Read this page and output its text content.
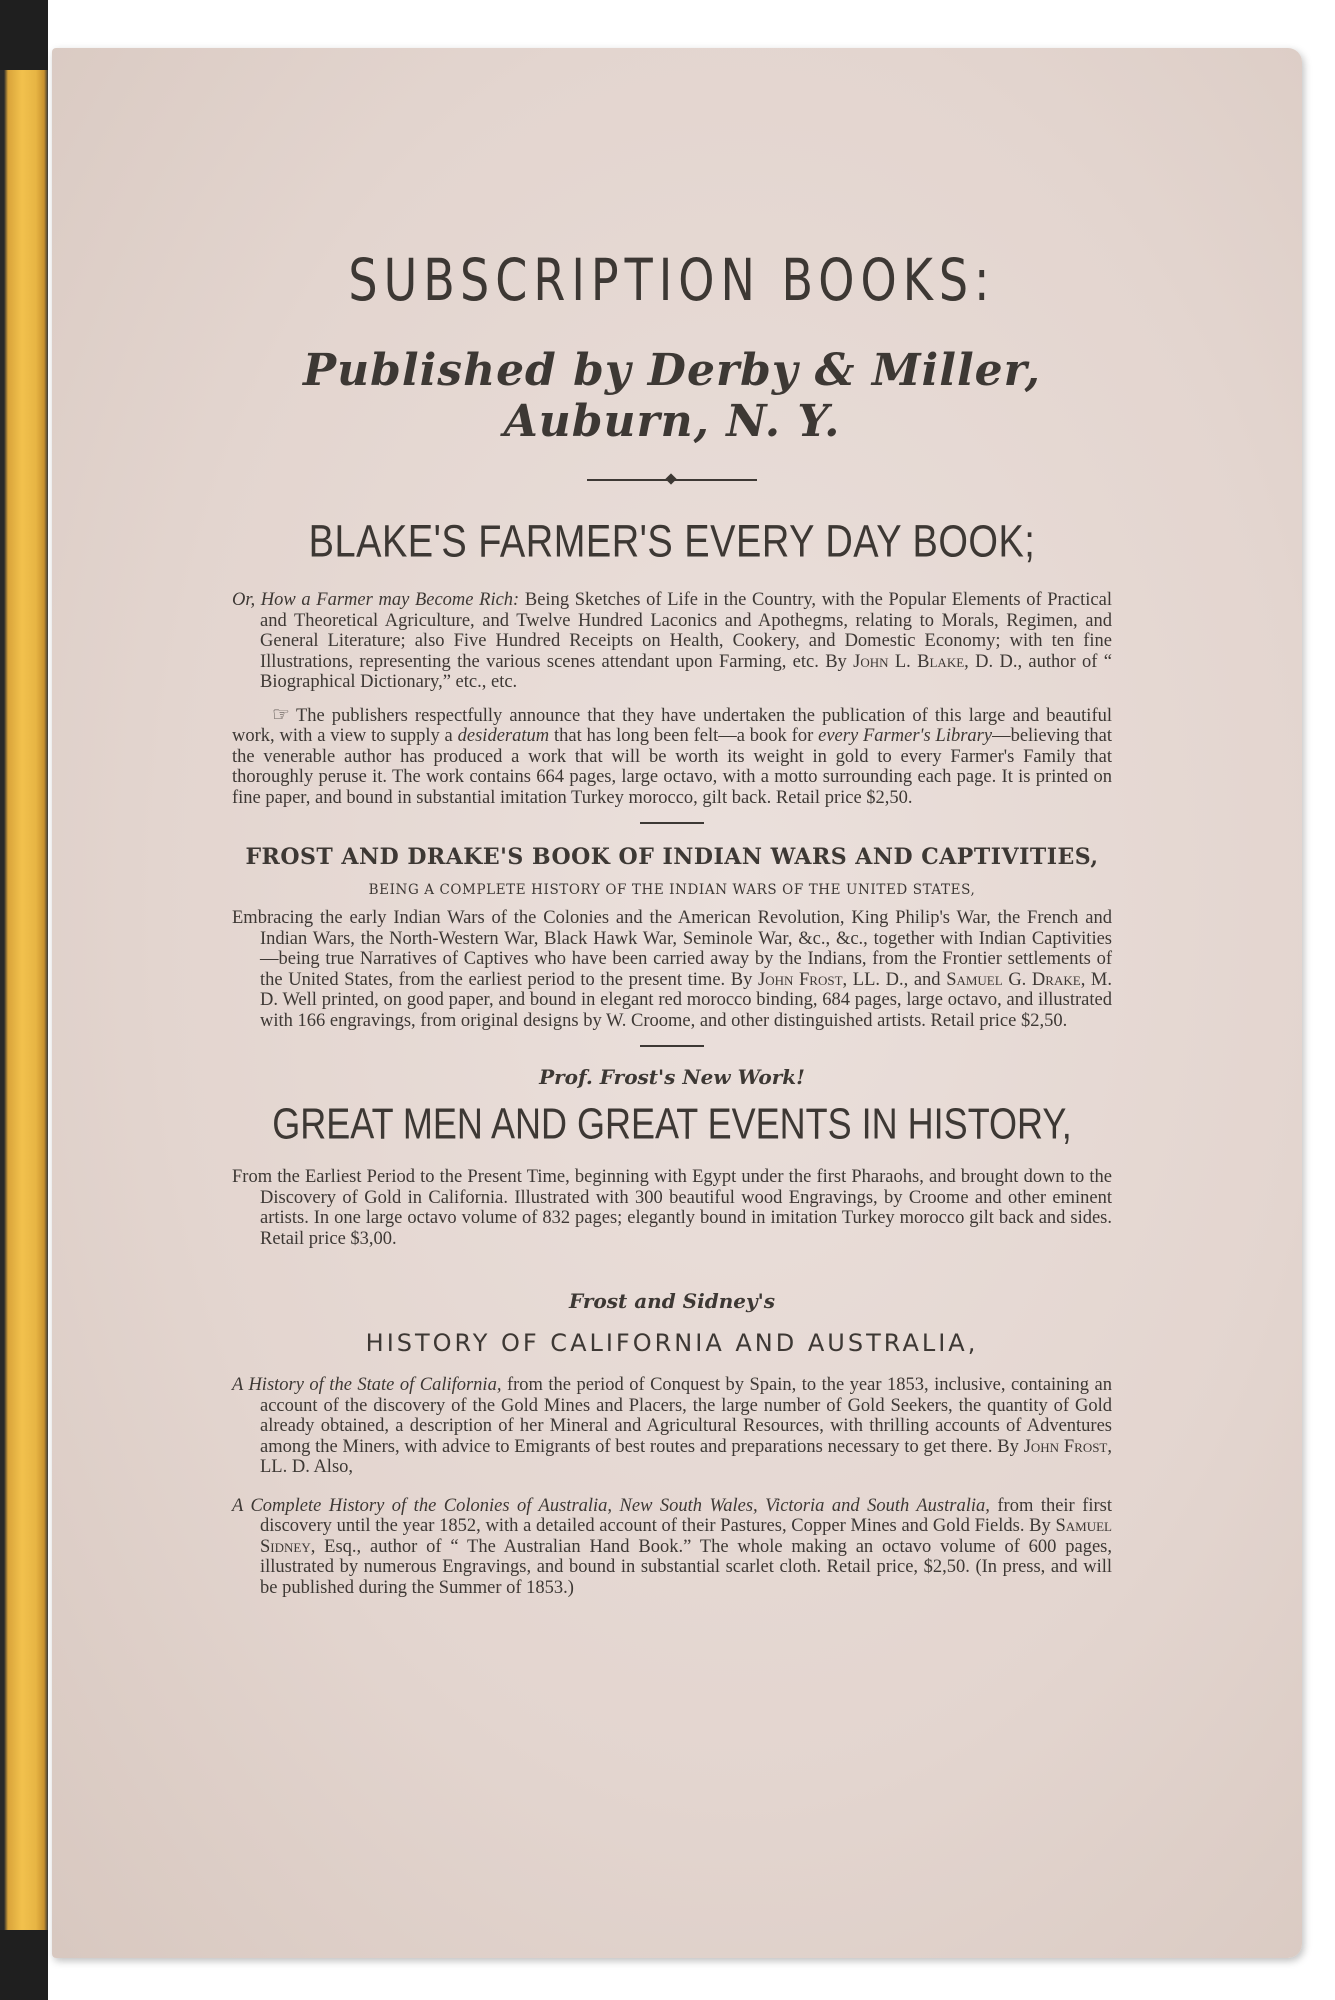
SUBSCRIPTION BOOKS:

Published by Derby & Miller, Auburn, N. Y.

BLAKE'S FARMER'S EVERY DAY BOOK;

Or, How a Farmer may Become Rich: Being Sketches of Life in the Country, with the Popular Elements of Practical and Theoretical Agriculture, and Twelve Hundred Laconics and Apothegms, relating to Morals, Regimen, and General Literature; also Five Hundred Receipts on Health, Cookery, and Domestic Economy; with ten fine Illustrations, representing the various scenes attendant upon Farming, etc. By John L. Blake, D. D., author of “ Biographical Dictionary,” etc., etc.

☞ The publishers respectfully announce that they have undertaken the publication of this large and beautiful work, with a view to supply a desideratum that has long been felt—a book for every Farmer's Library—believing that the venerable author has produced a work that will be worth its weight in gold to every Farmer's Family that thoroughly peruse it. The work contains 664 pages, large octavo, with a motto surrounding each page. It is printed on fine paper, and bound in substantial imitation Turkey morocco, gilt back. Retail price $2,50.

FROST AND DRAKE'S BOOK OF INDIAN WARS AND CAPTIVITIES,

BEING A COMPLETE HISTORY OF THE INDIAN WARS OF THE UNITED STATES,

Embracing the early Indian Wars of the Colonies and the American Revolution, King Philip's War, the French and Indian Wars, the North-Western War, Black Hawk War, Seminole War, &c., &c., together with Indian Captivities—being true Narratives of Captives who have been carried away by the Indians, from the Frontier settlements of the United States, from the earliest period to the present time. By John Frost, LL. D., and Samuel G. Drake, M. D. Well printed, on good paper, and bound in elegant red morocco binding, 684 pages, large octavo, and illustrated with 166 engravings, from original designs by W. Croome, and other distinguished artists. Retail price $2,50.

Prof. Frost's New Work!

GREAT MEN AND GREAT EVENTS IN HISTORY,

From the Earliest Period to the Present Time, beginning with Egypt under the first Pharaohs, and brought down to the Discovery of Gold in California. Illustrated with 300 beautiful wood Engravings, by Croome and other eminent artists. In one large octavo volume of 832 pages; elegantly bound in imitation Turkey morocco gilt back and sides. Retail price $3,00.

Frost and Sidney's

HISTORY OF CALIFORNIA AND AUSTRALIA,

A History of the State of California, from the period of Conquest by Spain, to the year 1853, inclusive, containing an account of the discovery of the Gold Mines and Placers, the large number of Gold Seekers, the quantity of Gold already obtained, a description of her Mineral and Agricultural Resources, with thrilling accounts of Adventures among the Miners, with advice to Emigrants of best routes and preparations necessary to get there. By John Frost, LL. D. Also,

A Complete History of the Colonies of Australia, New South Wales, Victoria and South Australia, from their first discovery until the year 1852, with a detailed account of their Pastures, Copper Mines and Gold Fields. By Samuel Sidney, Esq., author of “ The Australian Hand Book.” The whole making an octavo volume of 600 pages, illustrated by numerous Engravings, and bound in substantial scarlet cloth. Retail price, $2,50. (In press, and will be published during the Summer of 1853.)
